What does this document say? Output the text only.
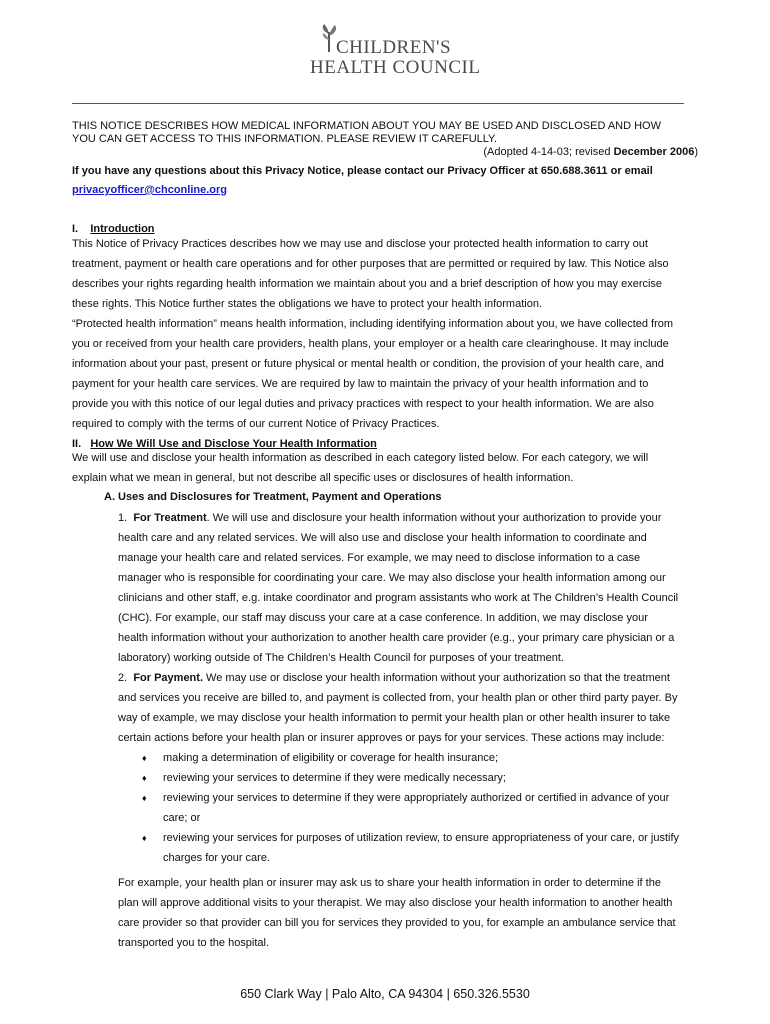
CHILDREN'S
HEALTH COUNCIL
THIS NOTICE DESCRIBES HOW MEDICAL INFORMATION ABOUT YOU MAY BE USED AND DISCLOSED AND HOW
YOU CAN GET ACCESS TO THIS INFORMATION. PLEASE REVIEW IT CAREFULLY.
(Adopted 4-14-03; revised December 2006)
If you have any questions about this Privacy Notice, please contact our Privacy Officer at 650.688.3611 or email
privacyofficer@chconline.org
I. Introduction
This Notice of Privacy Practices describes how we may use and disclose your protected health information to carry out
treatment, payment or health care operations and for other purposes that are permitted or required by law. This Notice also
describes your rights regarding health information we maintain about you and a brief description of how you may exercise
these rights. This Notice further states the obligations we have to protect your health information.
“Protected health information” means health information, including identifying information about you, we have collected from
you or received from your health care providers, health plans, your employer or a health care clearinghouse. It may include
information about your past, present or future physical or mental health or condition, the provision of your health care, and
payment for your health care services. We are required by law to maintain the privacy of your health information and to
provide you with this notice of our legal duties and privacy practices with respect to your health information. We are also
required to comply with the terms of our current Notice of Privacy Practices.
II. How We Will Use and Disclose Your Health Information
We will use and disclose your health information as described in each category listed below. For each category, we will
explain what we mean in general, but not describe all specific uses or disclosures of health information.
A. Uses and Disclosures for Treatment, Payment and Operations
1. For Treatment. We will use and disclosure your health information without your authorization to provide your
health care and any related services. We will also use and disclose your health information to coordinate and
manage your health care and related services. For example, we may need to disclose information to a case
manager who is responsible for coordinating your care. We may also disclose your health information among our
clinicians and other staff, e.g. intake coordinator and program assistants who work at The Children’s Health Council
(CHC). For example, our staff may discuss your care at a case conference. In addition, we may disclose your
health information without your authorization to another health care provider (e.g., your primary care physician or a
laboratory) working outside of The Children’s Health Council for purposes of your treatment.
2. For Payment. We may use or disclose your health information without your authorization so that the treatment
and services you receive are billed to, and payment is collected from, your health plan or other third party payer. By
way of example, we may disclose your health information to permit your health plan or other health insurer to take
certain actions before your health plan or insurer approves or pays for your services. These actions may include:
♦ making a determination of eligibility or coverage for health insurance;
♦ reviewing your services to determine if they were medically necessary;
♦ reviewing your services to determine if they were appropriately authorized or certified in advance of your
care; or
♦ reviewing your services for purposes of utilization review, to ensure appropriateness of your care, or justify
charges for your care.
For example, your health plan or insurer may ask us to share your health information in order to determine if the
plan will approve additional visits to your therapist. We may also disclose your health information to another health
care provider so that provider can bill you for services they provided to you, for example an ambulance service that
transported you to the hospital.
650 Clark Way | Palo Alto, CA 94304 | 650.326.5530
